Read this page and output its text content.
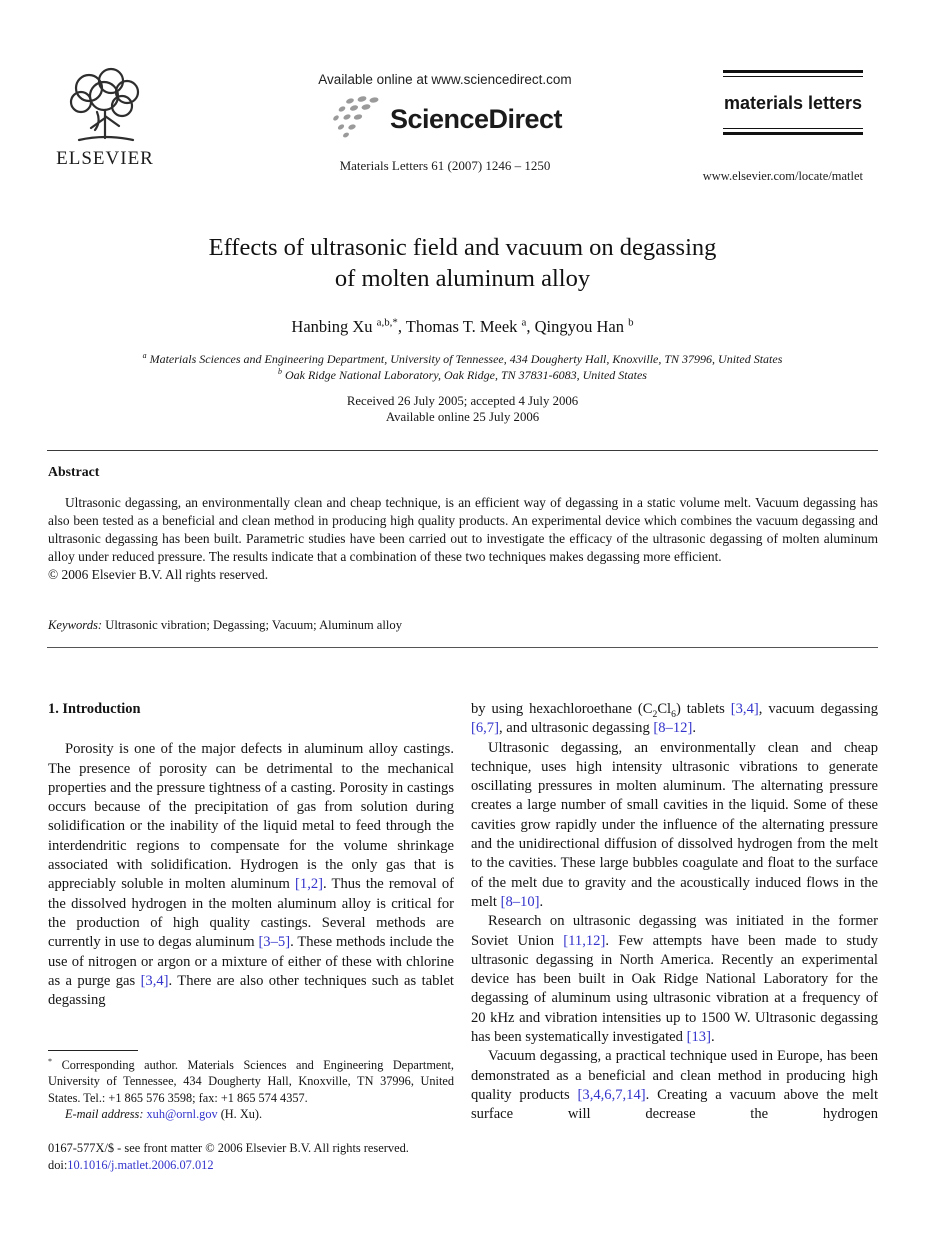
ELSEVIER
Available online at www.sciencedirect.com
ScienceDirect
Materials Letters 61 (2007) 1246 – 1250
materials letters
www.elsevier.com/locate/matlet
Effects of ultrasonic field and vacuum on degassing
of molten aluminum alloy
Hanbing Xu $^{a,b,*}$, Thomas T. Meek $^a$, Qingyou Han $^b$
$^a$ Materials Sciences and Engineering Department, University of Tennessee, 434 Dougherty Hall, Knoxville, TN 37996, United States
$^b$ Oak Ridge National Laboratory, Oak Ridge, TN 37831-6083, United States
Received 26 July 2005; accepted 4 July 2006
Available online 25 July 2006
Abstract

Ultrasonic degassing, an environmentally clean and cheap technique, is an efficient way of degassing in a static volume melt. Vacuum degassing has also been tested as a beneficial and clean method in producing high quality products. An experimental device which combines the vacuum degassing and ultrasonic degassing has been built. Parametric studies have been carried out to investigate the efficacy of the ultrasonic degassing of molten aluminum alloy under reduced pressure. The results indicate that a combination of these two techniques makes degassing more efficient.

© 2006 Elsevier B.V. All rights reserved.

Keywords: Ultrasonic vibration; Degassing; Vacuum; Aluminum alloy
1. Introduction

Porosity is one of the major defects in aluminum alloy castings. The presence of porosity can be detrimental to the mechanical properties and the pressure tightness of a casting. Porosity in castings occurs because of the precipitation of gas from solution during solidification or the inability of the liquid metal to feed through the interdendritic regions to compensate for the volume shrinkage associated with solidification. Hydrogen is the only gas that is appreciably soluble in molten aluminum [1,2]. Thus the removal of the dissolved hydrogen in the molten aluminum alloy is critical for the production of high quality castings. Several methods are currently in use to degas aluminum [3–5]. These methods include the use of nitrogen or argon or a mixture of either of these with chlorine as a purge gas [3,4]. There are also other techniques such as tablet degassing

by using hexachloroethane $(C_2Cl_6)$ tablets [3,4], vacuum degassing [6,7], and ultrasonic degassing [8–12].

Ultrasonic degassing, an environmentally clean and cheap technique, uses high intensity ultrasonic vibrations to generate oscillating pressures in molten aluminum. The alternating pressure creates a large number of small cavities in the liquid. Some of these cavities grow rapidly under the influence of the alternating pressure and the unidirectional diffusion of dissolved hydrogen from the melt to the cavities. These large bubbles coagulate and float to the surface of the melt due to gravity and the acoustically induced flows in the melt [8–10].

Research on ultrasonic degassing was initiated in the former Soviet Union [11,12]. Few attempts have been made to study ultrasonic degassing in North America. Recently an experimental device has been built in Oak Ridge National Laboratory for the degassing of aluminum using ultrasonic vibration at a frequency of 20 kHz and vibration intensities up to 1500 W. Ultrasonic degassing has been systematically investigated [13].

Vacuum degassing, a practical technique used in Europe, has been demonstrated as a beneficial and clean method in producing high quality products [3,4,6,7,14]. Creating a vacuum above the melt surface will decrease the hydrogen

* Corresponding author. Materials Sciences and Engineering Department, University of Tennessee, 434 Dougherty Hall, Knoxville, TN 37996, United States. Tel.: +1 865 576 3598; fax: +1 865 574 4357.

E-mail address: xuh@ornl.gov (H. Xu).

0167-577X/$ - see front matter © 2006 Elsevier B.V. All rights reserved.

doi:10.1016/j.matlet.2006.07.012
